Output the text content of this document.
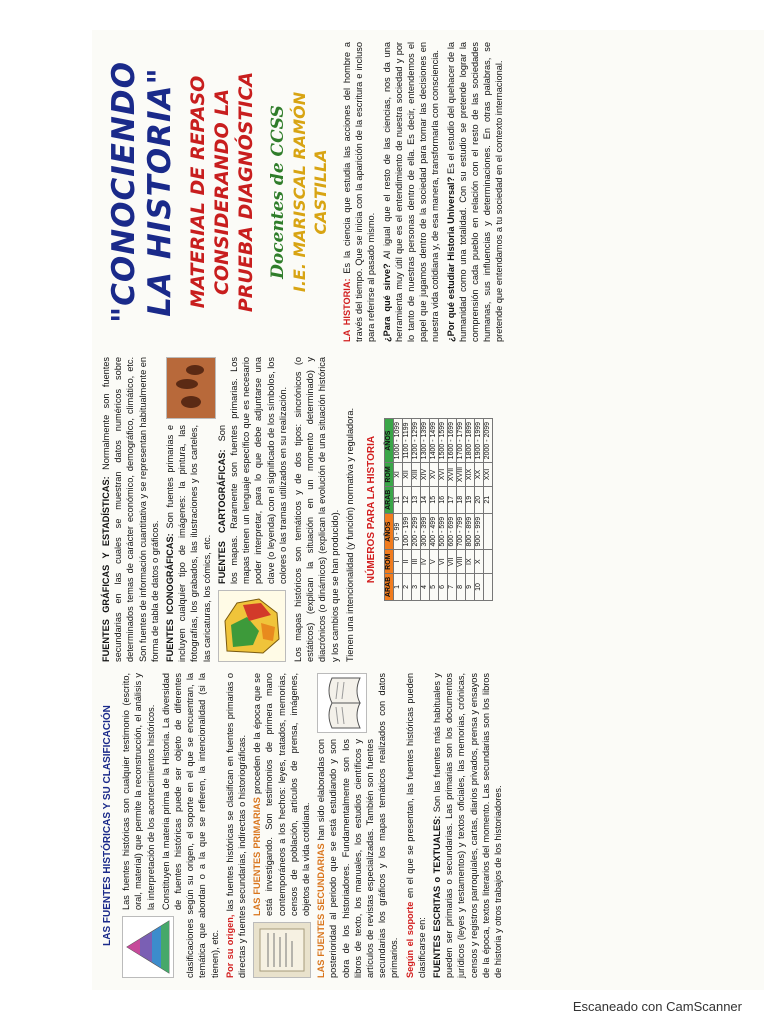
LAS FUENTES HISTÓRICAS Y SU CLASIFICACIÓN Las fuentes históricas son cualquier testimonio (escrito, oral, material) que permite la reconstrucción, el análisis y la interpretación de los acontecimientos históricos. Constituyen la materia prima de la Historia. La diversidad de fuentes históricas puede ser objeto de diferentes clasificaciones según su origen, el soporte en el que se encuentran, la temática que abordan o a la que se refieren, la intencionalidad (si la tienen), etc. Por su origen, las fuentes históricas se clasifican en fuentes primarias o directas y fuentes secundarias, indirectas o historiográficas. LAS FUENTES PRIMARIAS proceden de la época que se está investigando. Son testimonios de primera mano contemporáneos a los hechos: leyes, tratados, memorias, censos de población, artículos de prensa, imágenes, objetos de la vida cotidiana. LAS FUENTES SECUNDARIAS han sido elaboradas con posterioridad al periodo que se está estudiando y son obra de los historiadores. Fundamentalmente son los libros de texto, los manuales, los estudios científicos y artículos de revistas especializadas. También son fuentes secundarias los gráficos y los mapas temáticos realizados con datos primarios. Según el soporte en el que se presentan, las fuentes históricas pueden clasificarse en: FUENTES ESCRITAS o TEXTUALES: Son las fuentes más habituales y pueden ser primarias o secundarias. Las primarias son los documentos jurídicos (leyes y testamentos) y textos oficiales, las memorias, crónicas, censos y registros parroquiales, cartas, diarios privados, prensa y ensayos de la época, textos literarios del momento. Las secundarias son los libros de historia y otros trabajos de los historiadores.

FUENTES GRÁFICAS Y ESTADÍSTICAS: Normalmente son fuentes secundarias en las cuales se muestran datos numéricos sobre determinados temas de carácter económico, demográfico, climático, etc. Son fuentes de información cuantitativa y se representan habitualmente en forma de tabla de datos o gráficos. FUENTES ICONOGRÁFICAS: Son fuentes primarias e incluyen cualquier tipo de imágenes: la pintura, las fotografías, los grabados, las ilustraciones y los carteles, las caricaturas, los cómics, etc.

FUENTES CARTOGRÁFICAS: Son los mapas. Raramente son fuentes primarias. Los mapas tienen un lenguaje específico que es necesario poder interpretar, para lo que debe adjuntarse una clave (o leyenda) con el significado de los símbolos, los colores o las tramas utilizados en su realización. Los mapas históricos son temáticos y de dos tipos: sincrónicos (o estáticos) (explican la situación en un momento determinado) y diacrónicos (o dinámicos) (explican la evolución de una situación histórica y los cambios que se han producido). Tienen una intencionalidad (y función) normativa y reguladora. NÚMEROS PARA LA HISTORIA
ARAB	ROM	AÑOS	ARAB	ROM	AÑOS
1	I	0 - 99	11	XI	1000 - 1099
2	II	100 - 199	12	XII	1100 - 1199
3	III	200 - 299	13	XIII	1200 - 1299
4	IV	300 - 399	14	XIV	1300 - 1399
5	V	400 - 499	15	XV	1400 - 1499
6	VI	500 - 599	16	XVI	1500 - 1599
7	VII	600 - 699	17	XVII	1600 - 1699
8	VIII	700 - 799	18	XVIII	1700 - 1799
9	IX	800 - 899	19	XIX	1800 - 1899
10	X	900 - 999	20	XX	1900 - 1999
			21	XXI	2000 - 2099
"CONOCIENDO LA HISTORIA" MATERIAL DE REPASO CONSIDERANDO LA PRUEBA DIAGNÓSTICA Docentes de CCSS I.E. MARISCAL RAMÓN CASTILLA

LA HISTORIA: Es la ciencia que estudia las acciones del hombre a través del tiempo. Que se inicia con la aparición de la escritura e incluso para referirse al pasado mismo. ¿Para qué sirve? Al igual que el resto de las ciencias, nos da una herramienta muy útil que es el entendimiento de nuestra sociedad y por lo tanto de nuestras personas dentro de ella. Es decir, entendemos el papel que jugamos dentro de la sociedad para tomar las decisiones en nuestra vida cotidiana y, de esa manera, transformarla con consciencia. ¿Por qué estudiar Historia Universal? Es el estudio del quehacer de la humanidad como una totalidad. Con su estudio se pretende lograr la comprensión cada pueblo en relación con el resto de las sociedades humanas, sus influencias y determinaciones. En otras palabras, se pretende que entendamos a tu sociedad en el contexto internacional.

Escaneado con CamScanner
